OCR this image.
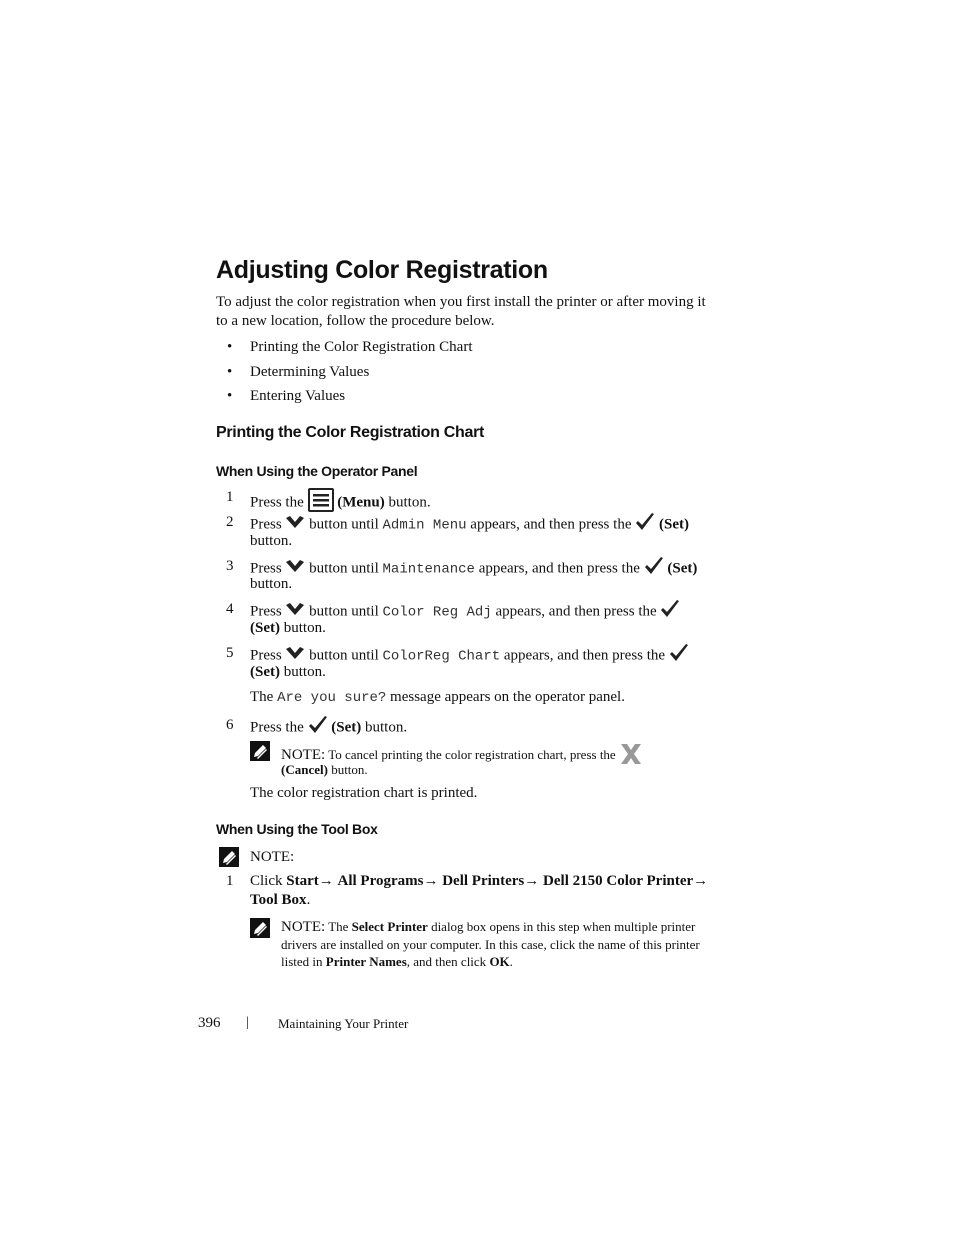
Adjusting Color Registration
To adjust the color registration when you first install the printer or after moving it to a new location, follow the procedure below.
• Printing the Color Registration Chart
• Determining Values
• Entering Values
Printing the Color Registration Chart
When Using the Operator Panel
1 Press the (Menu) button.
2 Press button until Admin Menu appears, and then press the (Set)
button.
3 Press button until Maintenance appears, and then press the (Set)
button.
4 Press button until Color Reg Adj appears, and then press the
(Set) button.
5 Press button until ColorReg Chart appears, and then press the
(Set) button.
The Are you sure? message appears on the operator panel.
6 Press the (Set) button.
NOTE: To cancel printing the color registration chart, press the
(Cancel) button.
The color registration chart is printed.
When Using the Tool Box
NOTE:
1 Click Start→ All Programs→ Dell Printers→ Dell 2150 Color Printer→
Tool Box.
NOTE: The Select Printer dialog box opens in this step when multiple printer drivers are installed on your computer. In this case, click the name of this printer listed in Printer Names, and then click OK.
396 | Maintaining Your Printer
